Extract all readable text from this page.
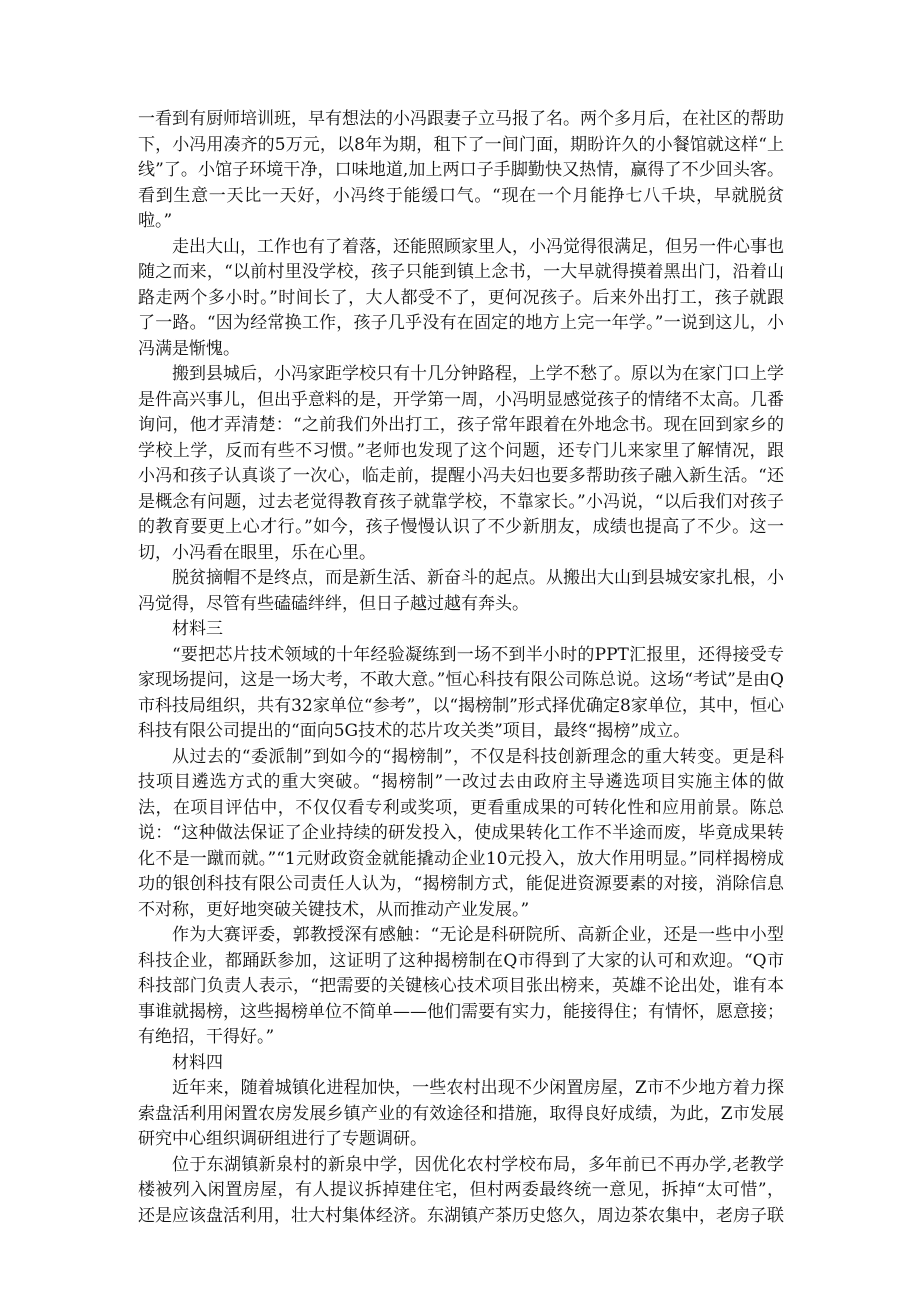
一看到有厨师培训班，早有想法的小冯跟妻子立马报了名。两个多月后，在社区的帮助下，小冯用凑齐的5万元，以8年为期，租下了一间门面，期盼许久的小餐馆就这样“上线”了。小馆子环境干净，口味地道,加上两口子手脚勤快又热情，赢得了不少回头客。看到生意一天比一天好，小冯终于能缓口气。“现在一个月能挣七八千块，早就脱贫啦。”

走出大山，工作也有了着落，还能照顾家里人，小冯觉得很满足，但另一件心事也随之而来，“以前村里没学校，孩子只能到镇上念书，一大早就得摸着黑出门，沿着山路走两个多小时。”时间长了，大人都受不了，更何况孩子。后来外出打工，孩子就跟了一路。“因为经常换工作，孩子几乎没有在固定的地方上完一年学。”一说到这儿，小冯满是惭愧。

搬到县城后，小冯家距学校只有十几分钟路程，上学不愁了。原以为在家门口上学是件高兴事儿，但出乎意料的是，开学第一周，小冯明显感觉孩子的情绪不太高。几番询问，他才弄清楚：“之前我们外出打工，孩子常年跟着在外地念书。现在回到家乡的学校上学，反而有些不习惯。”老师也发现了这个问题，还专门儿来家里了解情况，跟小冯和孩子认真谈了一次心，临走前，提醒小冯夫妇也要多帮助孩子融入新生活。“还是概念有问题，过去老觉得教育孩子就靠学校，不靠家长。”小冯说，“以后我们对孩子的教育要更上心才行。”如今，孩子慢慢认识了不少新朋友，成绩也提高了不少。这一切，小冯看在眼里，乐在心里。

脱贫摘帽不是终点，而是新生活、新奋斗的起点。从搬出大山到县城安家扎根，小冯觉得，尽管有些磕磕绊绊，但日子越过越有奔头。

材料三

“要把芯片技术领域的十年经验凝练到一场不到半小时的PPT汇报里，还得接受专家现场提问，这是一场大考，不敢大意。”恒心科技有限公司陈总说。这场“考试”是由Q市科技局组织，共有32家单位“参考”，以“揭榜制”形式择优确定8家单位，其中，恒心科技有限公司提出的“面向5G技术的芯片攻关类”项目，最终“揭榜”成立。

从过去的“委派制”到如今的“揭榜制”，不仅是科技创新理念的重大转变。更是科技项目遴选方式的重大突破。“揭榜制”一改过去由政府主导遴选项目实施主体的做法，在项目评估中，不仅仅看专利或奖项，更看重成果的可转化性和应用前景。陈总说：“这种做法保证了企业持续的研发投入，使成果转化工作不半途而废，毕竟成果转化不是一蹴而就。”“1元财政资金就能撬动企业10元投入，放大作用明显。”同样揭榜成功的银创科技有限公司责任人认为，“揭榜制方式，能促进资源要素的对接，消除信息不对称，更好地突破关键技术，从而推动产业发展。”

作为大赛评委，郭教授深有感触：“无论是科研院所、高新企业，还是一些中小型科技企业，都踊跃参加，这证明了这种揭榜制在Q市得到了大家的认可和欢迎。“Q市科技部门负责人表示，“把需要的关键核心技术项目张出榜来，英雄不论出处，谁有本事谁就揭榜，这些揭榜单位不简单——他们需要有实力，能接得住；有情怀，愿意接；有绝招，干得好。”

材料四

近年来，随着城镇化进程加快，一些农村出现不少闲置房屋，Z市不少地方着力探索盘活利用闲置农房发展乡镇产业的有效途径和措施，取得良好成绩，为此，Z市发展研究中心组织调研组进行了专题调研。

位于东湖镇新泉村的新泉中学，因优化农村学校布局，多年前已不再办学,老教学楼被列入闲置房屋，有人提议拆掉建住宅，但村两委最终统一意见，拆掉“太可惜”，还是应该盘活利用，壮大村集体经济。东湖镇产茶历史悠久，周边茶农集中，老房子联
